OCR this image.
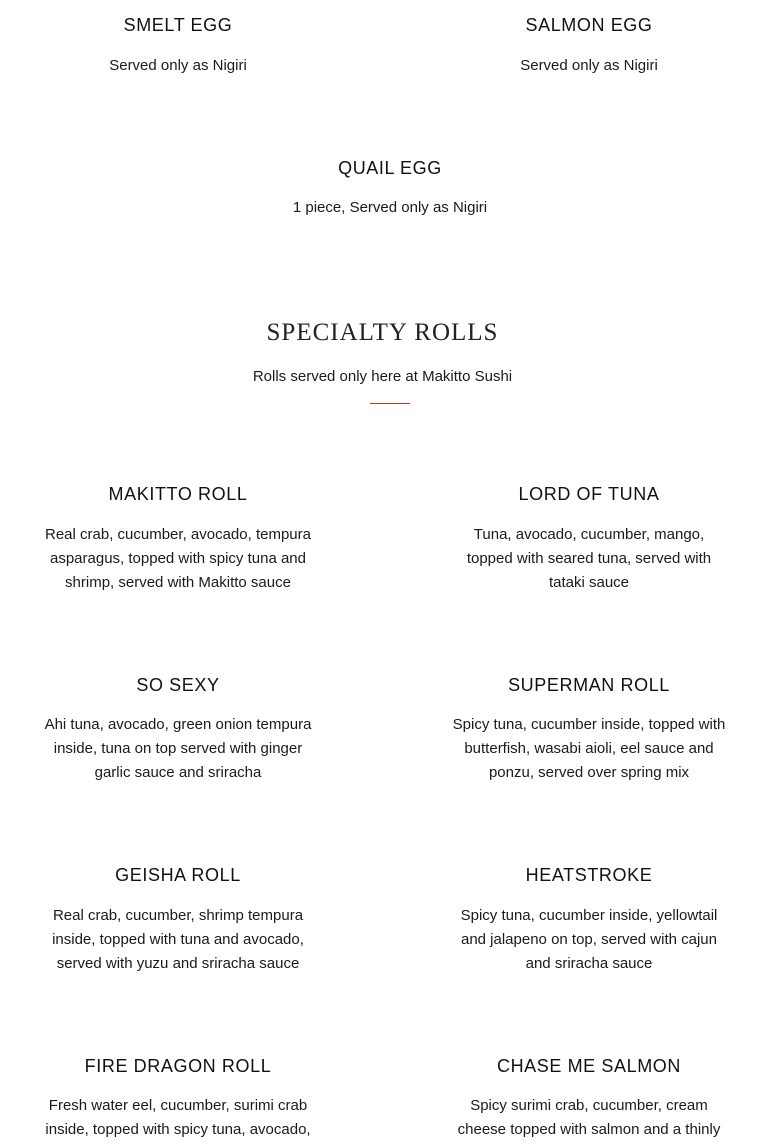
SMELT EGG

Served only as Nigiri

SALMON EGG

Served only as Nigiri

QUAIL EGG

1 piece, Served only as Nigiri

SPECIALTY ROLLS

Rolls served only here at Makitto Sushi

MAKITTO ROLL

Real crab, cucumber, avocado, tempura
asparagus, topped with spicy tuna and
shrimp, served with Makitto sauce

LORD OF TUNA

Tuna, avocado, cucumber, mango,
topped with seared tuna, served with
tataki sauce

SO SEXY

Ahi tuna, avocado, green onion tempura
inside, tuna on top served with ginger
garlic sauce and sriracha

SUPERMAN ROLL

Spicy tuna, cucumber inside, topped with
butterfish, wasabi aioli, eel sauce and
ponzu, served over spring mix

GEISHA ROLL

Real crab, cucumber, shrimp tempura
inside, topped with tuna and avocado,
served with yuzu and sriracha sauce

HEATSTROKE

Spicy tuna, cucumber inside, yellowtail
and jalapeno on top, served with cajun
and sriracha sauce

FIRE DRAGON ROLL

Fresh water eel, cucumber, surimi crab
inside, topped with spicy tuna, avocado,

CHASE ME SALMON

Spicy surimi crab, cucumber, cream
cheese topped with salmon and a thinly
